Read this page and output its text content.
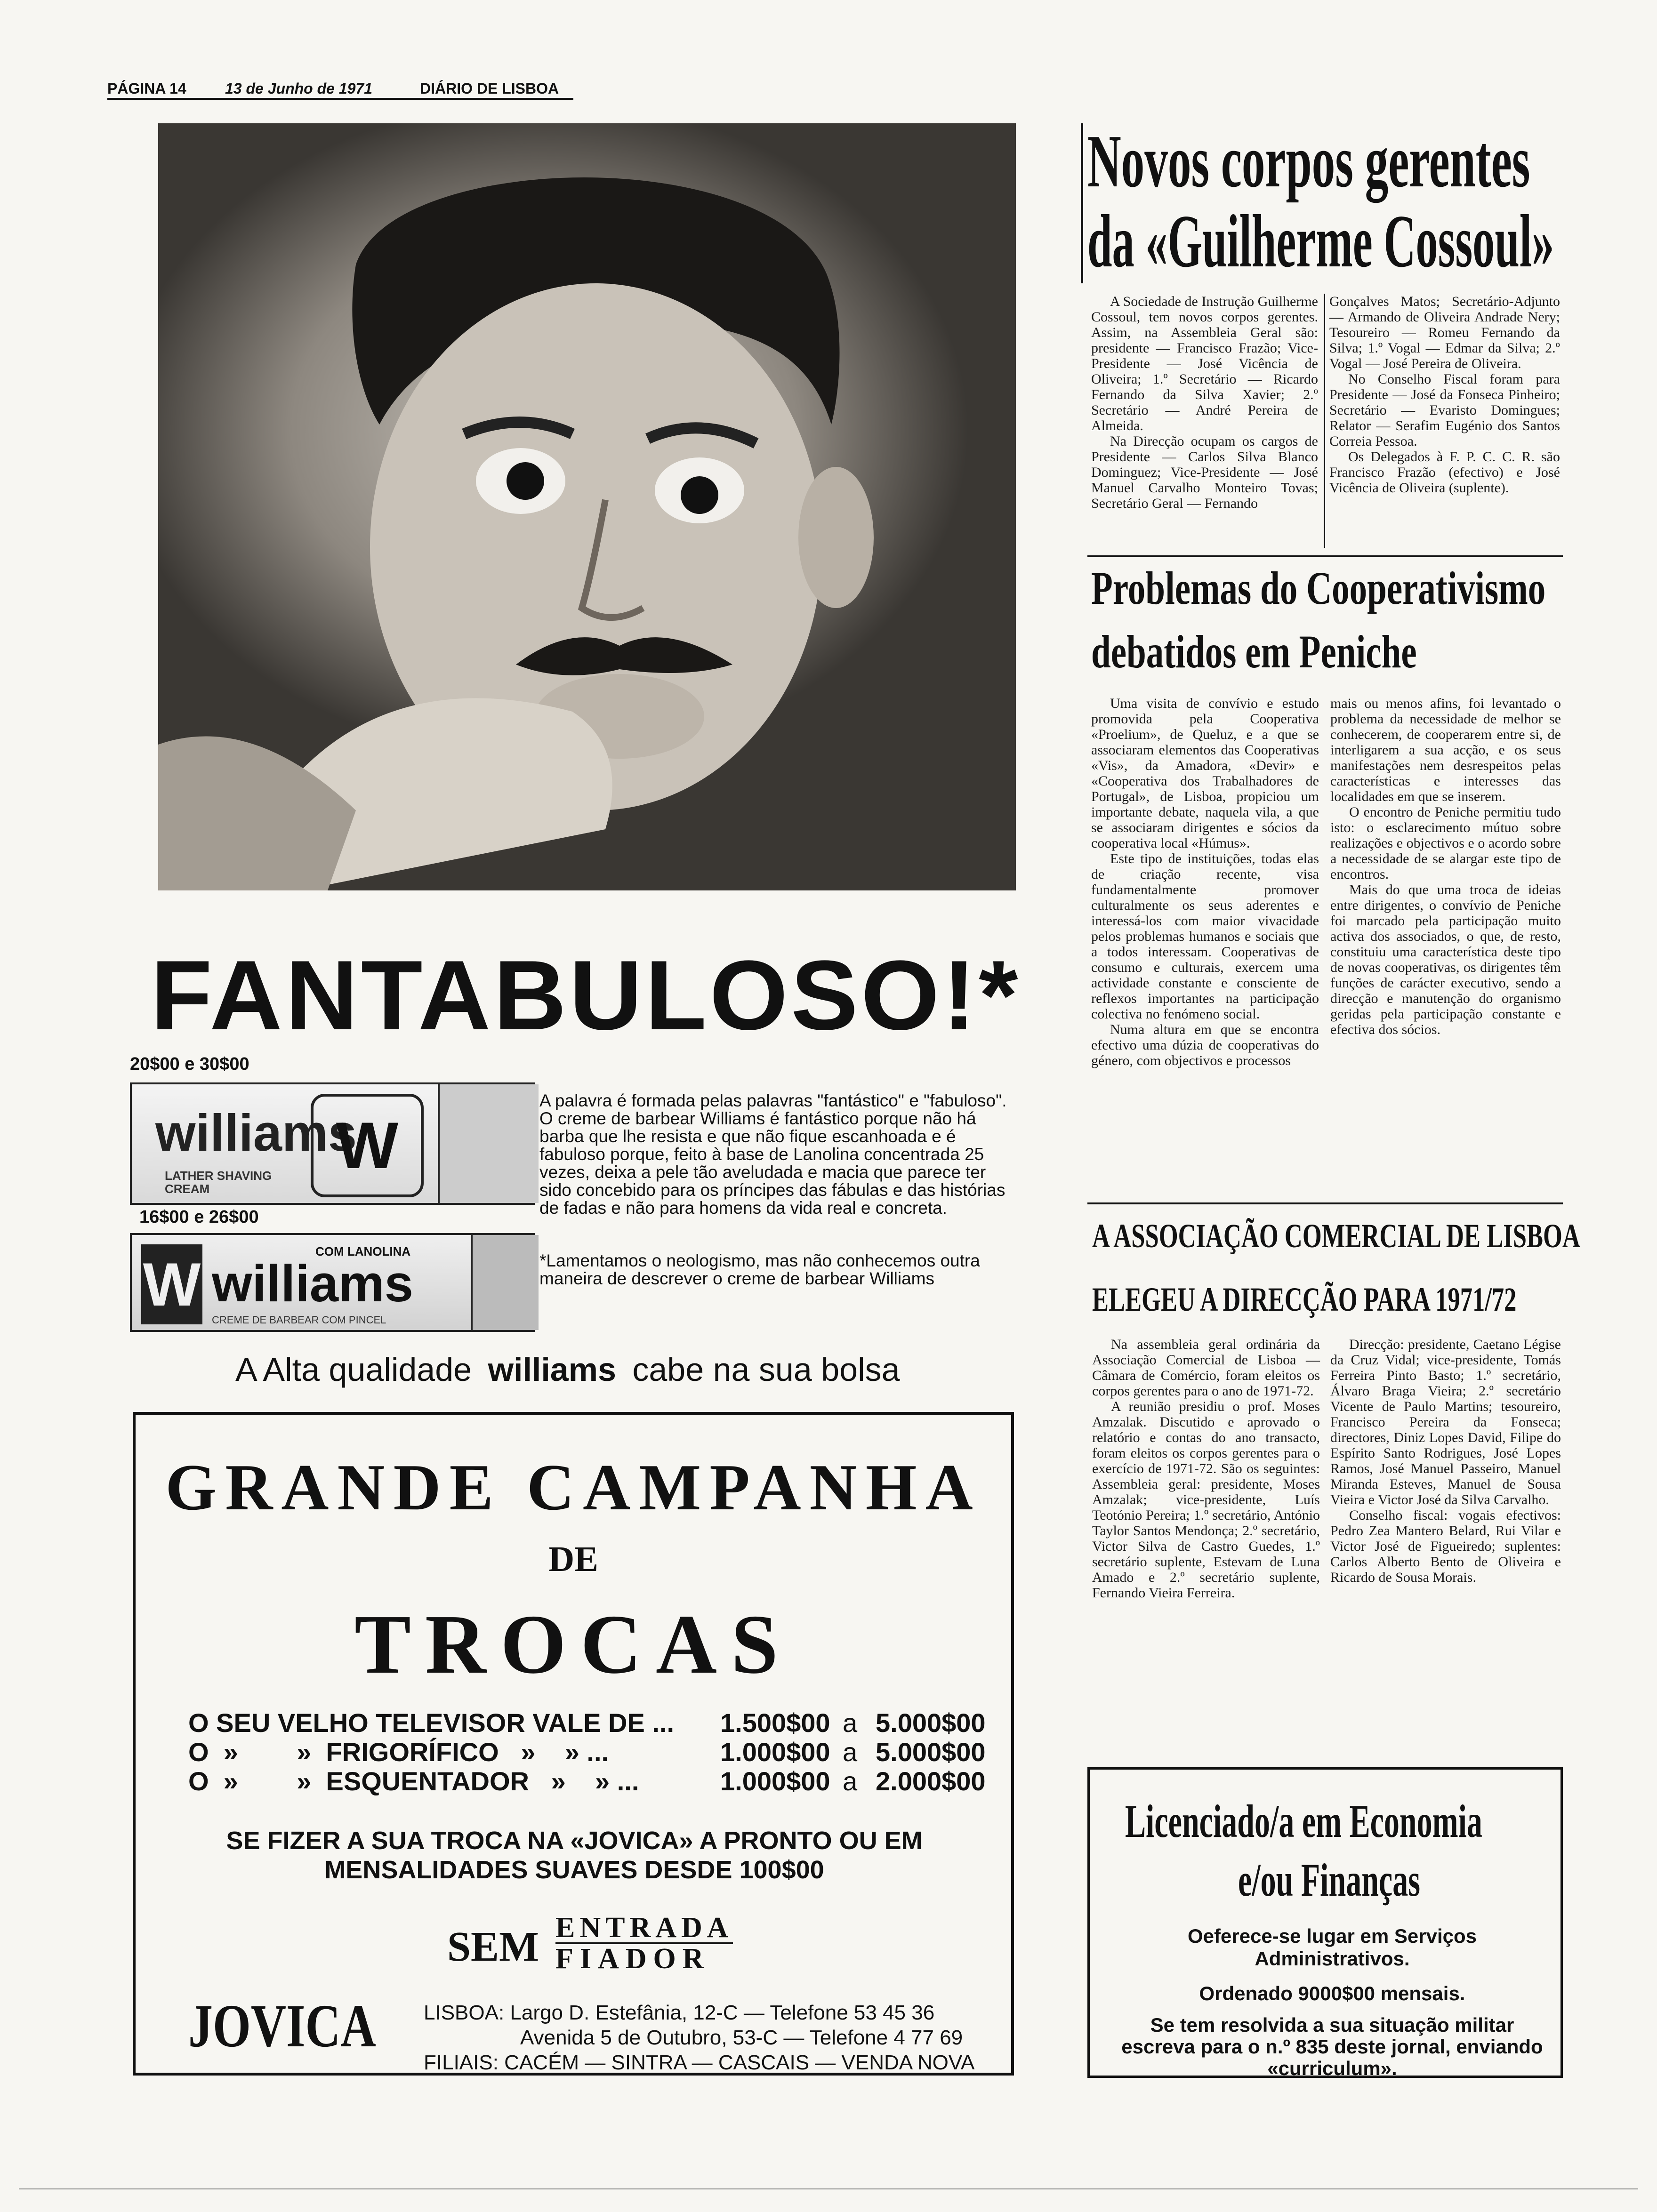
PÁGINA 14	13 de Junho de 1971	DIÁRIO DE LISBOA
FANTABULOSO!*
20$00 e 30$00
williams
LATHER SHAVING CREAM
W
16$00 e 26$00
W	COM LANOLINA
williams
CREME DE BARBEAR COM PINCEL
A palavra é formada pelas palavras "fantástico" e "fabuloso". O creme de barbear Williams é fantástico porque não há barba que lhe resista e que não fique escanhoada e é fabuloso porque, feito à base de Lanolina concentrada 25 vezes, deixa a pele tão aveludada e macia que parece ter sido concebido para os príncipes das fábulas e das histórias de fadas e não para homens da vida real e concreta.
*Lamentamos o neologismo, mas não conhecemos outra maneira de descrever o creme de barbear Williams
A Alta qualidade williams cabe na sua bolsa
GRANDE CAMPANHA
DE
TROCAS
O SEU VELHO TELEVISOR VALE DE ...	1.500$00 a 5.000$00
O  »        »  FRIGORÍFICO   »    » ...	1.000$00 a 5.000$00
O  »        »  ESQUENTADOR   »    » ...	1.000$00 a 2.000$00
SE FIZER A SUA TROCA NA «JOVICA» A PRONTO OU EM MENSALIDADES SUAVES DESDE 100$00
SEM ENTRADA
FIADOR
JOVICA LISBOA: Largo D. Estefânia, 12-C — Telefone 53 45 36
Avenida 5 de Outubro, 53-C — Telefone 4 77 69
FILIAIS: CACÉM — SINTRA — CASCAIS — VENDA NOVA
Novos corpos gerentes
da «Guilherme Cossoul»

A Sociedade de Instrução Guilherme Cossoul, tem novos corpos gerentes. Assim, na Assembleia Geral são: presidente — Francisco Frazão; Vice-Presidente — José Vicência de Oliveira; 1.º Secretário — Ricardo Fernando da Silva Xavier; 2.º Secretário — André Pereira de Almeida.

Na Direcção ocupam os cargos de Presidente — Carlos Silva Blanco Dominguez; Vice-Presidente — José Manuel Carvalho Monteiro Tovas; Secretário Geral — Fernando

Gonçalves Matos; Secretário-Adjunto — Armando de Oliveira Andrade Nery; Tesoureiro — Romeu Fernando da Silva; 1.º Vogal — Edmar da Silva; 2.º Vogal — José Pereira de Oliveira.

No Conselho Fiscal foram para Presidente — José da Fonseca Pinheiro; Secretário — Evaristo Domingues; Relator — Serafim Eugénio dos Santos Correia Pessoa.

Os Delegados à F. P. C. C. R. são Francisco Frazão (efectivo) e José Vicência de Oliveira (suplente).

Problemas do Cooperativismo
debatidos em Peniche

Uma visita de convívio e estudo promovida pela Cooperativa «Proelium», de Queluz, e a que se associaram elementos das Cooperativas «Vis», da Amadora, «Devir» e «Cooperativa dos Trabalhadores de Portugal», de Lisboa, propiciou um importante debate, naquela vila, a que se associaram dirigentes e sócios da cooperativa local «Húmus».

Este tipo de instituições, todas elas de criação recente, visa fundamentalmente promover culturalmente os seus aderentes e interessá-los com maior vivacidade pelos problemas humanos e sociais que a todos interessam. Cooperativas de consumo e culturais, exercem uma actividade constante e consciente de reflexos importantes na participação colectiva no fenómeno social.

Numa altura em que se encontra efectivo uma dúzia de cooperativas do género, com objectivos e processos

mais ou menos afins, foi levantado o problema da necessidade de melhor se conhecerem, de cooperarem entre si, de interligarem a sua acção, e os seus manifestações nem desrespeitos pelas características e interesses das localidades em que se inserem.

O encontro de Peniche permitiu tudo isto: o esclarecimento mútuo sobre realizações e objectivos e o acordo sobre a necessidade de se alargar este tipo de encontros.

Mais do que uma troca de ideias entre dirigentes, o convívio de Peniche foi marcado pela participação muito activa dos associados, o que, de resto, constituiu uma característica deste tipo de novas cooperativas, os dirigentes têm funções de carácter executivo, sendo a direcção e manutenção do organismo geridas pela participação constante e efectiva dos sócios.

A ASSOCIAÇÃO COMERCIAL DE LISBOA
ELEGEU A DIRECÇÃO PARA 1971/72

Na assembleia geral ordinária da Associação Comercial de Lisboa — Câmara de Comércio, foram eleitos os corpos gerentes para o ano de 1971-72.

A reunião presidiu o prof. Moses Amzalak. Discutido e aprovado o relatório e contas do ano transacto, foram eleitos os corpos gerentes para o exercício de 1971-72. São os seguintes: Assembleia geral: presidente, Moses Amzalak; vice-presidente, Luís Teotónio Pereira; 1.º secretário, António Taylor Santos Mendonça; 2.º secretário, Victor Silva de Castro Guedes, 1.º secretário suplente, Estevam de Luna Amado e 2.º secretário suplente, Fernando Vieira Ferreira.

Direcção: presidente, Caetano Légise da Cruz Vidal; vice-presidente, Tomás Ferreira Pinto Basto; 1.º secretário, Álvaro Braga Vieira; 2.º secretário Vicente de Paulo Martins; tesoureiro, Francisco Pereira da Fonseca; directores, Diniz Lopes David, Filipe do Espírito Santo Rodrigues, José Lopes Ramos, José Manuel Passeiro, Manuel Miranda Esteves, Manuel de Sousa Vieira e Victor José da Silva Carvalho.

Conselho fiscal: vogais efectivos: Pedro Zea Mantero Belard, Rui Vilar e Victor José de Figueiredo; suplentes: Carlos Alberto Bento de Oliveira e Ricardo de Sousa Morais.

Licenciado/a em Economia
e/ou Finanças
Oeferece-se lugar em Serviços Administrativos.
Ordenado 9000$00 mensais.
Se tem resolvida a sua situação militar escreva para o n.º 835 deste jornal, enviando «curriculum».
